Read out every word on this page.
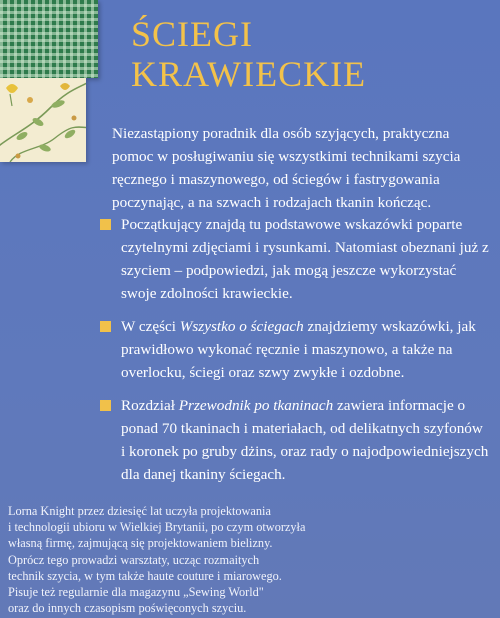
ŚCIEGI
KRAWIECKIE

Niezastąpiony poradnik dla osób szyjących, praktyczna pomoc w posługiwaniu się wszystkimi technikami szycia ręcznego i maszynowego, od ściegów i fastrygowania poczynając, a na szwach i rodzajach tkanin kończąc.

Początkujący znajdą tu podstawowe wskazówki poparte czytelnymi zdjęciami i rysunkami. Natomiast obeznani już z szyciem – podpowiedzi, jak mogą jeszcze wykorzystać swoje zdolności krawieckie.
W części Wszystko o ściegach znajdziemy wskazówki, jak prawidłowo wykonać ręcznie i maszynowo, a także na overlocku, ściegi oraz szwy zwykłe i ozdobne.
Rozdział Przewodnik po tkaninach zawiera informacje o ponad 70 tkaninach i materiałach, od delikatnych szyfonów i koronek po gruby dżins, oraz rady o najodpowiedniejszych dla danej tkaniny ściegach.

Lorna Knight przez dziesięć lat uczyła projektowania
i technologii ubioru w Wielkiej Brytanii, po czym otworzyła
własną firmę, zajmującą się projektowaniem bielizny.
Oprócz tego prowadzi warsztaty, ucząc rozmaitych
technik szycia, w tym także haute couture i miarowego.
Pisuje też regularnie dla magazynu „Sewing World"
oraz do innych czasopism poświęconych szyciu.
